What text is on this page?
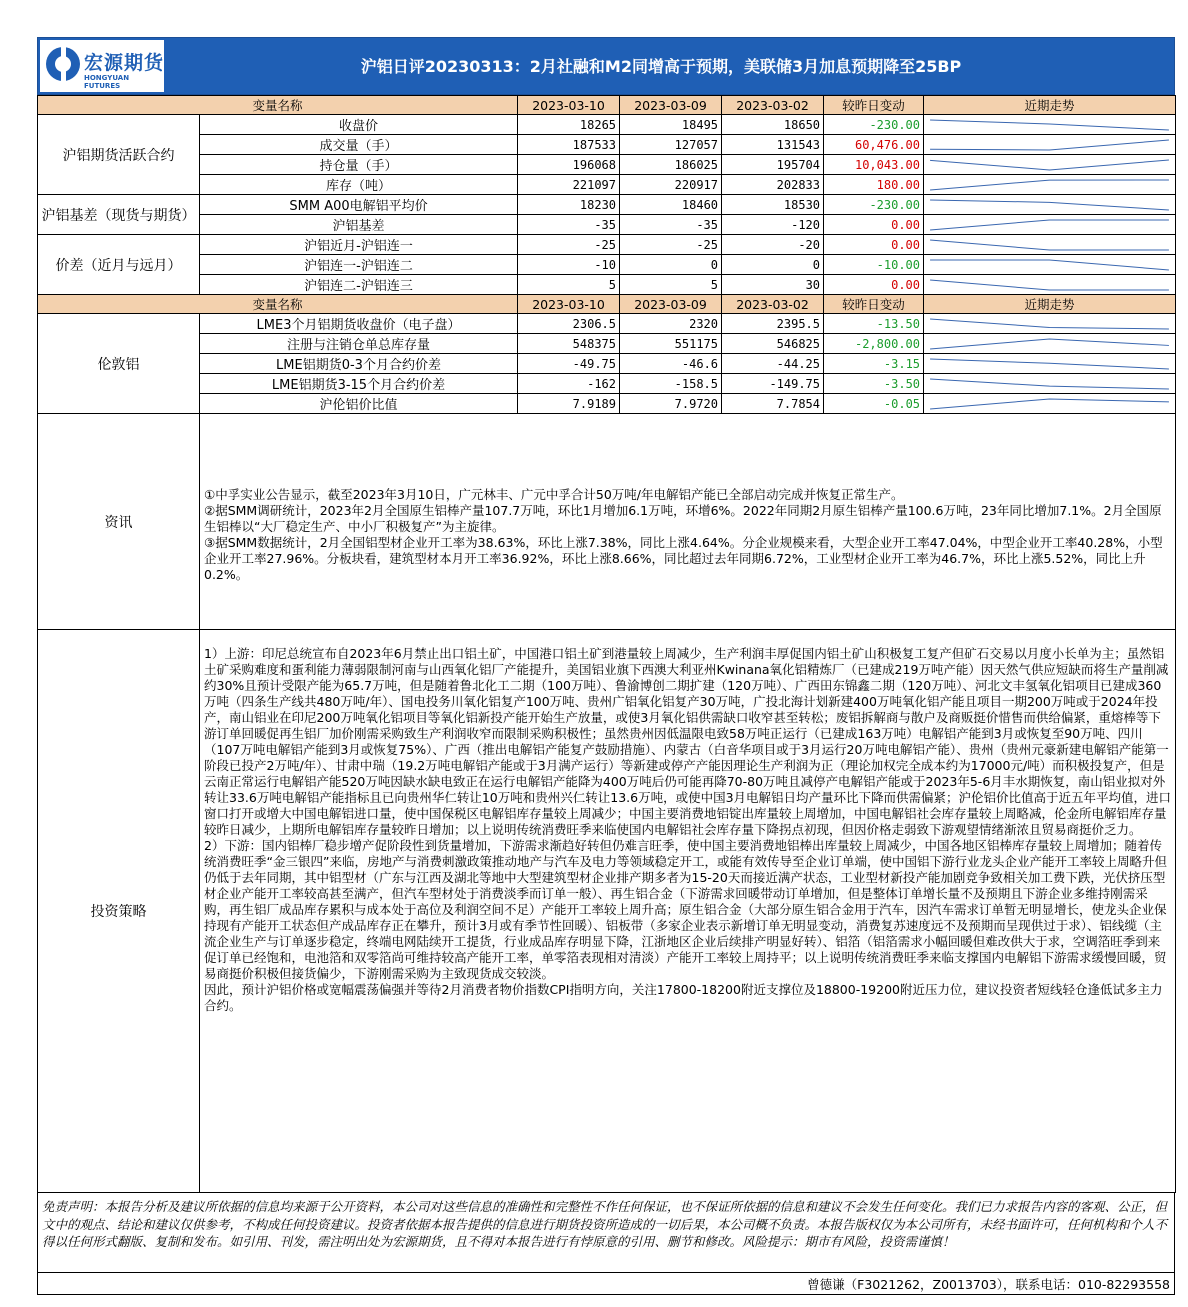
宏源期货
HONGYUAN FUTURES
沪铝日评20230313：2月社融和M2同增高于预期，美联储3月加息预期降至25BP
变量名称		2023-03-10	2023-03-09	2023-03-02	较昨日变动	近期走势
沪铝期货活跃合约	收盘价	18265	18495	18650	-230.00	

	成交量（手）	187533	127057	131543	60,476.00	

	持仓量（手）	196068	186025	195704	10,043.00	

	库存（吨）	221097	220917	202833	180.00	

沪铝基差（现货与期货）	SMM A00电解铝平均价	18230	18460	18530	-230.00	

	沪铝基差	-35	-35	-120	0.00	

价差（近月与远月）	沪铝近月-沪铝连一	-25	-25	-20	0.00	

	沪铝连一-沪铝连二	-10	0	0	-10.00	

	沪铝连二-沪铝连三	5	5	30	0.00	

变量名称		2023-03-10	2023-03-09	2023-03-02	较昨日变动	近期走势
伦敦铝	LME3个月铝期货收盘价（电子盘）	2306.5	2320	2395.5	-13.50	

	注册与注销仓单总库存量	548375	551175	546825	-2,800.00	

	LME铝期货0-3个月合约价差	-49.75	-46.6	-44.25	-3.15	

	LME铝期货3-15个月合约价差	-162	-158.5	-149.75	-3.50	

	沪伦铝价比值	7.9189	7.9720	7.7854	-0.05	

资讯	①中孚实业公告显示，截至2023年3月10日，广元林丰、广元中孚合计50万吨/年电解铝产能已全部启动完成并恢复正常生产。

②据SMM调研统计，2023年2月全国原生铝棒产量107.7万吨，环比1月增加6.1万吨，环增6%。2022年同期2月原生铝棒产量100.6万吨，23年同比增加7.1%。2月全国原生铝棒以“大厂稳定生产、中小厂积极复产”为主旋律。

③据SMM数据统计，2月全国铝型材企业开工率为38.63%，环比上涨7.38%，同比上涨4.64%。分企业规模来看，大型企业开工率47.04%，中型企业开工率40.28%，小型企业开工率27.96%。分板块看，建筑型材本月开工率36.92%，环比上涨8.66%，同比超过去年同期6.72%，工业型材企业开工率为46.7%，环比上涨5.52%，同比上升0.2%。					

投资策略	1）上游：印尼总统宣布自2023年6月禁止出口铝土矿，中国港口铝土矿到港量较上周减少，生产利润丰厚促国内铝土矿山积极复工复产但矿石交易以月度小长单为主；虽然铝土矿采购难度和蛋利能力薄弱限制河南与山西氧化铝厂产能提升，美国铝业旗下西澳大利亚州Kwinana氧化铝精炼厂（已建成219万吨产能）因天然气供应短缺而将生产量削减约30%且预计受限产能为65.7万吨，但是随着鲁北化工二期（100万吨）、鲁渝博创二期扩建（120万吨）、广西田东锦鑫二期（120万吨）、河北文丰氢氧化铝项目已建成360万吨（四条生产线共480万吨/年）、国电投务川氧化铝复产100万吨、贵州广铝氧化铝复产30万吨，广投北海计划新建400万吨氧化铝产能且项目一期200万吨或于2024年投产，南山铝业在印尼200万吨氧化铝项目等氧化铝新投产能开始生产放量，或使3月氧化铝供需缺口收窄甚至转松；废铝拆解商与散户及商贩挺价惜售而供给偏紧，重熔棒等下游订单回暖促再生铝厂加价刚需采购致生产利润收窄而限制采购积极性；虽然贵州因低温限电致58万吨正运行（已建成163万吨）电解铝产能到3月或恢复至90万吨、四川（107万吨电解铝产能到3月或恢复75%）、广西（推出电解铝产能复产鼓励措施）、内蒙古（白音华项目或于3月运行20万吨电解铝产能）、贵州（贵州元豪新建电解铝产能第一阶段已投产2万吨/年）、甘肃中瑞（19.2万吨电解铝产能或于3月满产运行）等新建或停产产能因理论生产利润为正（理论加权完全成本约为17000元/吨）而积极投复产，但是云南正常运行电解铝产能520万吨因缺水缺电致正在运行电解铝产能降为400万吨后仍可能再降70-80万吨且减停产电解铝产能或于2023年5-6月丰水期恢复，南山铝业拟对外转让33.6万吨电解铝产能指标且已向贵州华仁转让10万吨和贵州兴仁转让13.6万吨，或使中国3月电解铝日均产量环比下降而供需偏紧；沪伦铝价比值高于近五年平均值，进口窗口打开或增大中国电解铝进口量，使中国保税区电解铝库存量较上周减少；中国主要消费地铝锭出库量较上周增加，中国电解铝社会库存量较上周略减，伦金所电解铝库存量较昨日减少，上期所电解铝库存量较昨日增加；以上说明传统消费旺季来临使国内电解铝社会库存量下降拐点初现，但因价格走弱致下游观望情绪渐浓且贸易商挺价乏力。

2）下游：国内铝棒厂稳步增产促阶段性到货量增加，下游需求渐趋好转但仍难言旺季，使中国主要消费地铝棒出库量较上周减少，中国各地区铝棒库存量较上周增加；随着传统消费旺季“金三银四”来临，房地产与消费刺激政策推动地产与汽车及电力等领域稳定开工，或能有效传导至企业订单端，使中国铝下游行业龙头企业产能开工率较上周略升但仍低于去年同期，其中铝型材（广东与江西及湖北等地中大型建筑型材企业排产期多者为15-20天而接近满产状态，工业型材新投产能加剧竞争致相关加工费下跌，光伏挤压型材企业产能开工率较高甚至满产，但汽车型材处于消费淡季而订单一般）、再生铝合金（下游需求回暖带动订单增加，但是整体订单增长量不及预期且下游企业多维持刚需采购，再生铝厂成品库存累积与成本处于高位及利润空间不足）产能开工率较上周升高；原生铝合金（大部分原生铝合金用于汽车，因汽车需求订单暂无明显增长，使龙头企业保持现有产能开工状态但产成品库存正在攀升，预计3月或有季节性回暖）、铝板带（多家企业表示新增订单无明显变动，消费复苏速度远不及预期而呈现供过于求）、铝线缆（主流企业生产与订单逐步稳定，终端电网陆续开工提货，行业成品库存明显下降，江浙地区企业后续排产明显好转）、铝箔（铝箔需求小幅回暖但难改供大于求，空调箔旺季到来促订单已经饱和，电池箔和双零箔尚可维持较高产能开工率，单零箔表现相对清淡）产能开工率较上周持平；以上说明传统消费旺季来临支撑国内电解铝下游需求缓慢回暖，贸易商挺价积极但接货偏少，下游刚需采购为主致现货成交较淡。

因此，预计沪铝价格或宽幅震荡偏强并等待2月消费者物价指数CPI指明方向，关注17800-18200附近支撑位及18800-19200附近压力位，建议投资者短线轻仓逢低试多主力合约。					

免责声明：本报告分析及建议所依据的信息均来源于公开资料，本公司对这些信息的准确性和完整性不作任何保证，也不保证所依据的信息和建议不会发生任何变化。我们已力求报告内容的客观、公正，但文中的观点、结论和建议仅供参考，不构成任何投资建议。投资者依据本报告提供的信息进行期货投资所造成的一切后果，本公司概不负责。本报告版权仅为本公司所有，未经书面许可，任何机构和个人不得以任何形式翻版、复制和发布。如引用、刊发，需注明出处为宏源期货，且不得对本报告进行有悖原意的引用、删节和修改。风险提示：期市有风险，投资需谨慎！
曾德谦（F3021262，Z0013703），联系电话：010-82293558
